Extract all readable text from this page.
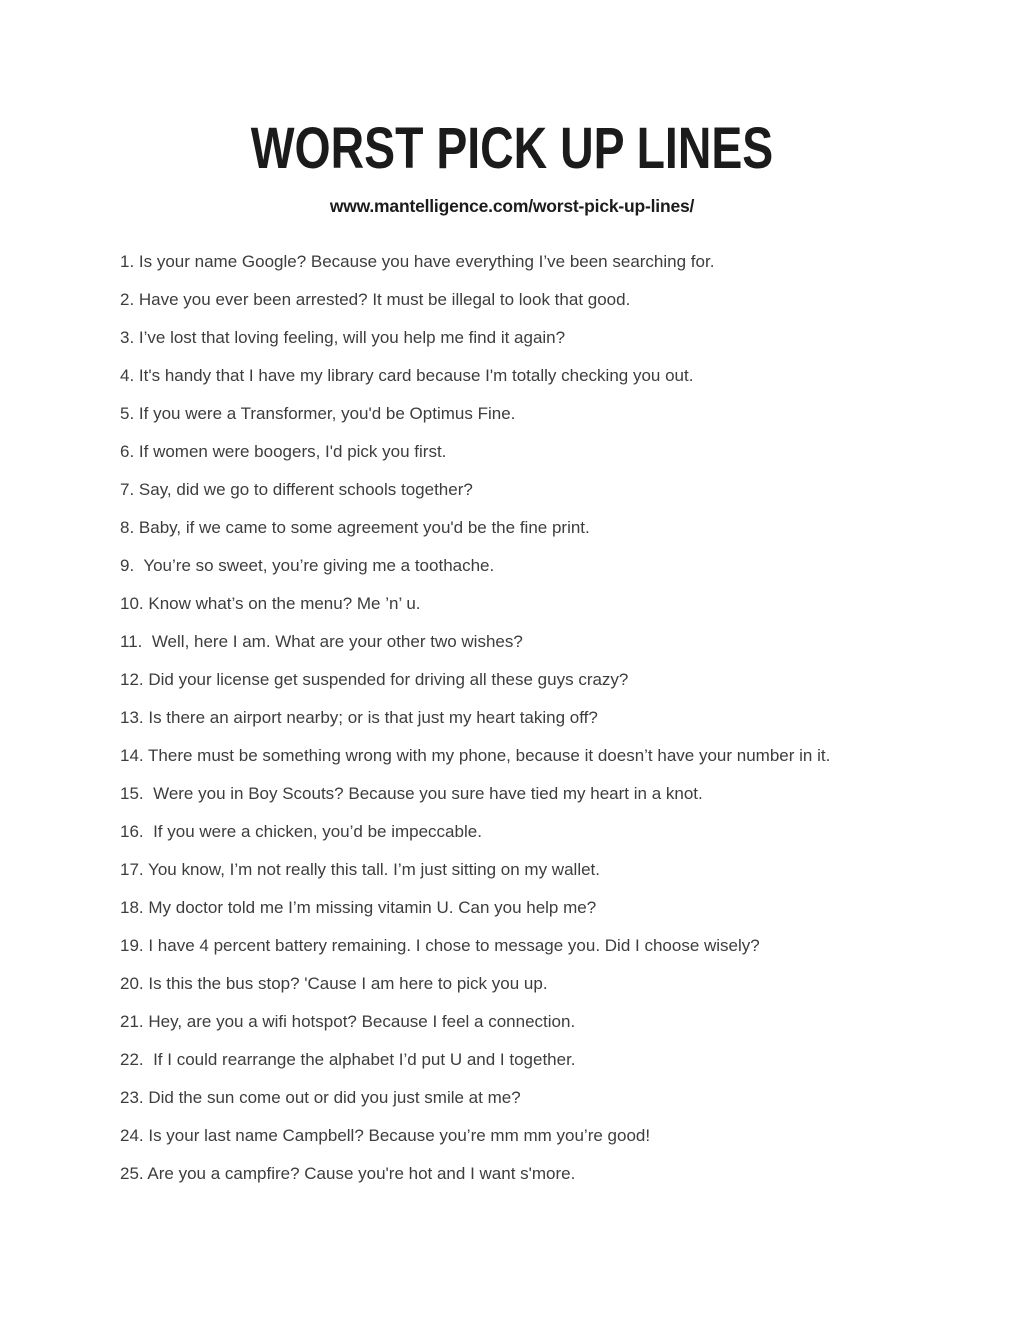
WORST PICK UP LINES
www.mantelligence.com/worst-pick-up-lines/
1. Is your name Google? Because you have everything I’ve been searching for.
2. Have you ever been arrested? It must be illegal to look that good.
3. I’ve lost that loving feeling, will you help me find it again?
4. It's handy that I have my library card because I'm totally checking you out.
5. If you were a Transformer, you'd be Optimus Fine.
6. If women were boogers, I'd pick you first.
7. Say, did we go to different schools together?
8. Baby, if we came to some agreement you'd be the fine print.
9.  You’re so sweet, you’re giving me a toothache.
10. Know what’s on the menu? Me ’n’ u.
11.  Well, here I am. What are your other two wishes?
12. Did your license get suspended for driving all these guys crazy?
13. Is there an airport nearby; or is that just my heart taking off?
14. There must be something wrong with my phone, because it doesn’t have your number in it.
15.  Were you in Boy Scouts? Because you sure have tied my heart in a knot.
16.  If you were a chicken, you’d be impeccable.
17. You know, I’m not really this tall. I’m just sitting on my wallet.
18. My doctor told me I’m missing vitamin U. Can you help me?
19. I have 4 percent battery remaining. I chose to message you. Did I choose wisely?
20. Is this the bus stop? 'Cause I am here to pick you up.
21. Hey, are you a wifi hotspot? Because I feel a connection.
22.  If I could rearrange the alphabet I’d put U and I together.
23. Did the sun come out or did you just smile at me?
24. Is your last name Campbell? Because you’re mm mm you’re good!
25. Are you a campfire? Cause you're hot and I want s'more.
